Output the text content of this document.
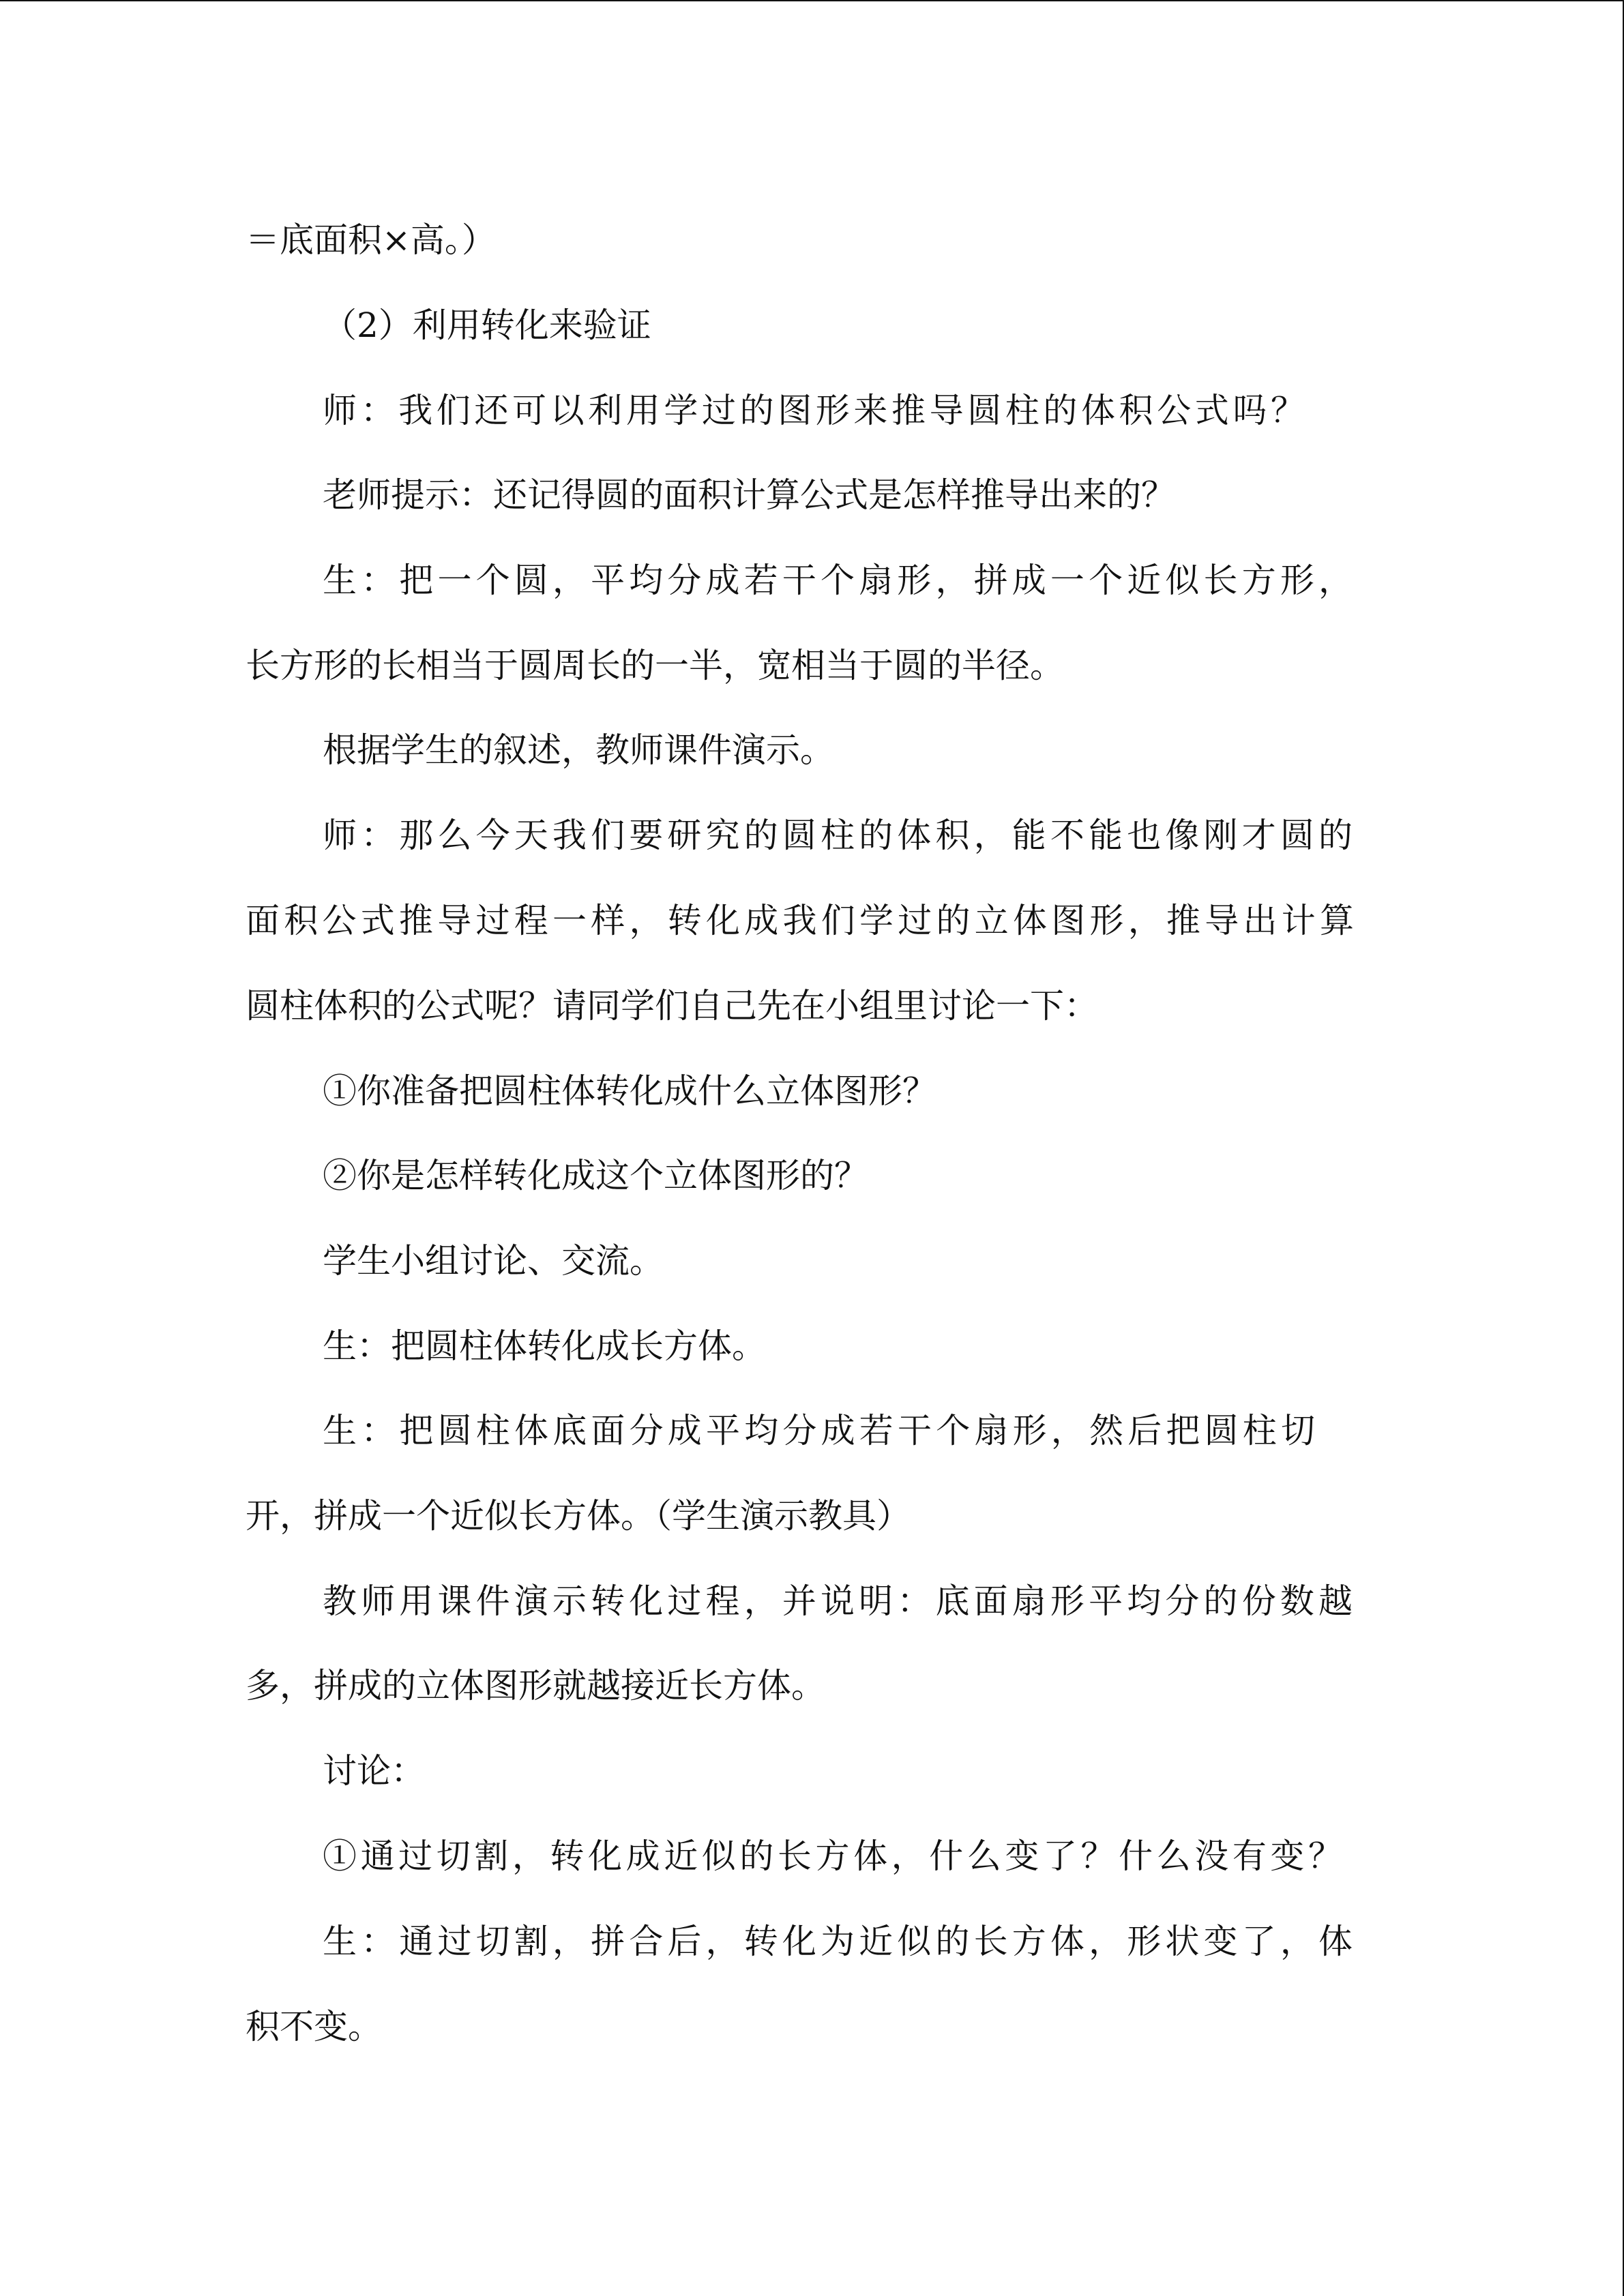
＝底面积×高。）
（2）利用转化来验证
师：我们还可以利用学过的图形来推导圆柱的体积公式吗？
老师提示：还记得圆的面积计算公式是怎样推导出来的？
生：把一个圆，平均分成若干个扇形，拼成一个近似长方形，
长方形的长相当于圆周长的一半，宽相当于圆的半径。
根据学生的叙述，教师课件演示。
师：那么今天我们要研究的圆柱的体积，能不能也像刚才圆的
面积公式推导过程一样，转化成我们学过的立体图形，推导出计算
圆柱体积的公式呢？请同学们自己先在小组里讨论一下：
①你准备把圆柱体转化成什么立体图形？
②你是怎样转化成这个立体图形的？
学生小组讨论、交流。
生：把圆柱体转化成长方体。
生：把圆柱体底面分成平均分成若干个扇形，然后把圆柱切
开，拼成一个近似长方体。（学生演示教具）
教师用课件演示转化过程，并说明：底面扇形平均分的份数越
多，拼成的立体图形就越接近长方体。
讨论：
①通过切割，转化成近似的长方体，什么变了？什么没有变？
生：通过切割，拼合后，转化为近似的长方体，形状变了，体
积不变。
